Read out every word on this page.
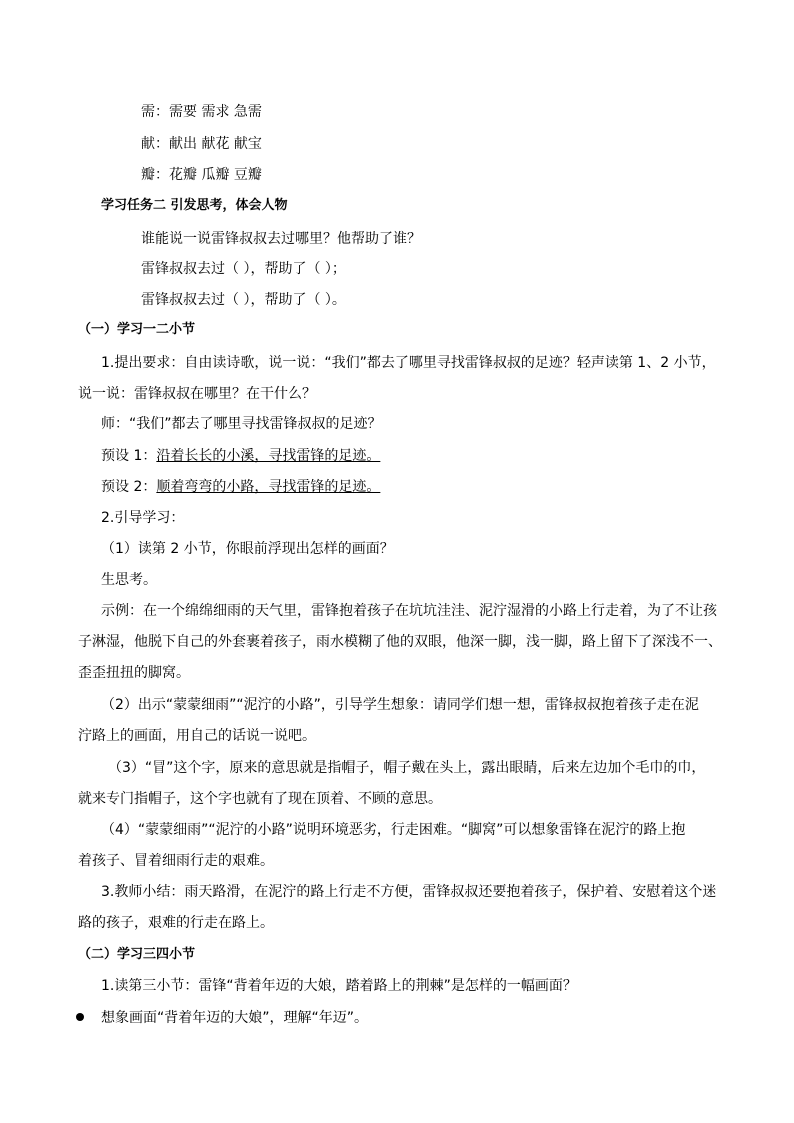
需：需要 需求 急需
献：献出 献花 献宝
瓣：花瓣 瓜瓣 豆瓣
学习任务二 引发思考，体会人物
谁能说一说雷锋叔叔去过哪里？他帮助了谁？
雷锋叔叔去过（ ），帮助了（ ）；
雷锋叔叔去过（ ），帮助了（ ）。
（一）学习一二小节
1.提出要求：自由读诗歌，说一说：“我们”都去了哪里寻找雷锋叔叔的足迹？轻声读第 1、2 小节，
说一说：雷锋叔叔在哪里？在干什么？
师：“我们”都去了哪里寻找雷锋叔叔的足迹？
预设 1：沿着长长的小溪，寻找雷锋的足迹。
预设 2：顺着弯弯的小路，寻找雷锋的足迹。
2.引导学习：
（1）读第 2 小节，你眼前浮现出怎样的画面？
生思考。
示例：在一个绵绵细雨的天气里，雷锋抱着孩子在坑坑洼洼、泥泞湿滑的小路上行走着，为了不让孩
子淋湿，他脱下自己的外套裹着孩子，雨水模糊了他的双眼，他深一脚，浅一脚，路上留下了深浅不一、
歪歪扭扭的脚窝。
（2）出示“蒙蒙细雨”“泥泞的小路”，引导学生想象：请同学们想一想，雷锋叔叔抱着孩子走在泥
泞路上的画面，用自己的话说一说吧。
（3）“冒”这个字，原来的意思就是指帽子，帽子戴在头上，露出眼睛，后来左边加个毛巾的巾，
就来专门指帽子，这个字也就有了现在顶着、不顾的意思。
（4）“蒙蒙细雨”“泥泞的小路”说明环境恶劣，行走困难。“脚窝”可以想象雷锋在泥泞的路上抱
着孩子、冒着细雨行走的艰难。
3.教师小结：雨天路滑，在泥泞的路上行走不方便，雷锋叔叔还要抱着孩子，保护着、安慰着这个迷
路的孩子，艰难的行走在路上。
（二）学习三四小节
1.读第三小节：雷锋“背着年迈的大娘，踏着路上的荆棘”是怎样的一幅画面？
想象画面“背着年迈的大娘”，理解“年迈”。
